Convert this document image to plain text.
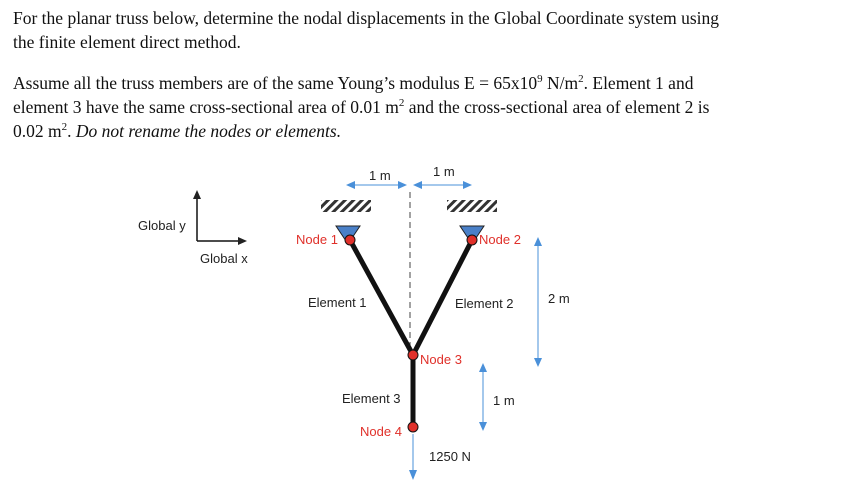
For the planar truss below, determine the nodal displacements in the Global Coordinate system using
the finite element direct method.
Assume all the truss members are of the same Young’s modulus $E = 65x10^9$ $N/m^2$. Element 1 and
element 3 have the same cross-sectional area of 0.01 $m^2$ and the cross-sectional area of element 2 is
0.02 $m^2$. Do not rename the nodes or elements.
Global y
Global x
Node 1	Node 2
Node 3
Node 4
Element 1	Element 2
Element 3
1 m	1 m
2 m
1 m
1250 N
